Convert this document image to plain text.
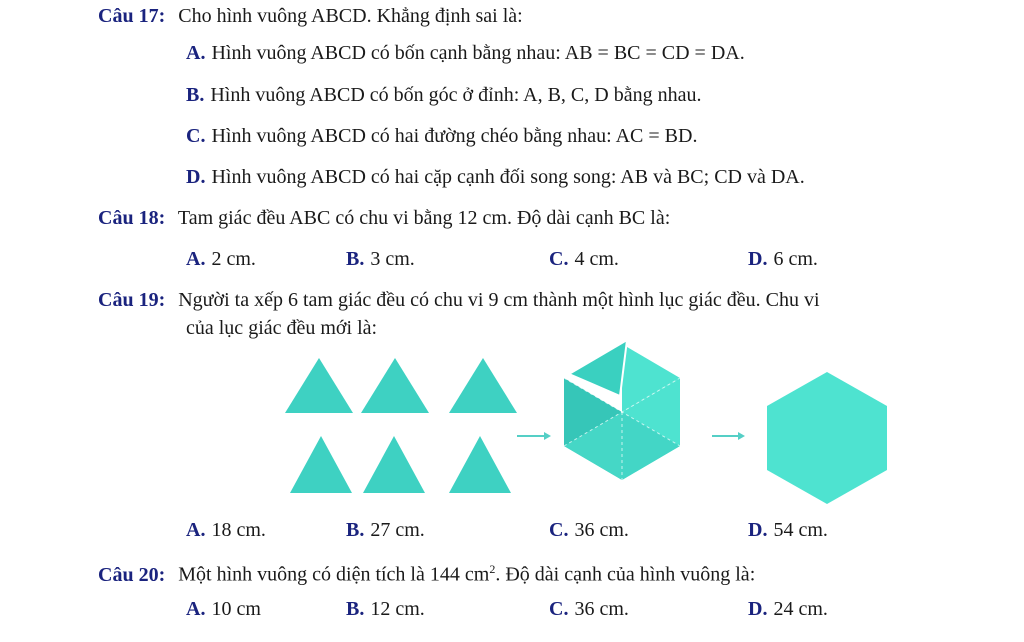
Câu 17: Cho hình vuông ABCD. Khẳng định sai là:
A. Hình vuông ABCD có bốn cạnh bằng nhau: AB = BC = CD = DA.
B. Hình vuông ABCD có bốn góc ở đỉnh: A, B, C, D bằng nhau.
C. Hình vuông ABCD có hai đường chéo bằng nhau: AC = BD.
D. Hình vuông ABCD có hai cặp cạnh đối song song: AB và BC; CD và DA.
Câu 18: Tam giác đều ABC có chu vi bằng 12 cm. Độ dài cạnh BC là:
A. 2 cm.	B. 3 cm.	C. 4 cm.	D. 6 cm.
Câu 19: Người ta xếp 6 tam giác đều có chu vi 9 cm thành một hình lục giác đều. Chu vi
của lục giác đều mới là:
A. 18 cm.	B. 27 cm.	C. 36 cm.	D. 54 cm.
Câu 20: Một hình vuông có diện tích là 144 $cm^2$. Độ dài cạnh của hình vuông là:
A. 10 cm	B. 12 cm.	C. 36 cm.	D. 24 cm.
